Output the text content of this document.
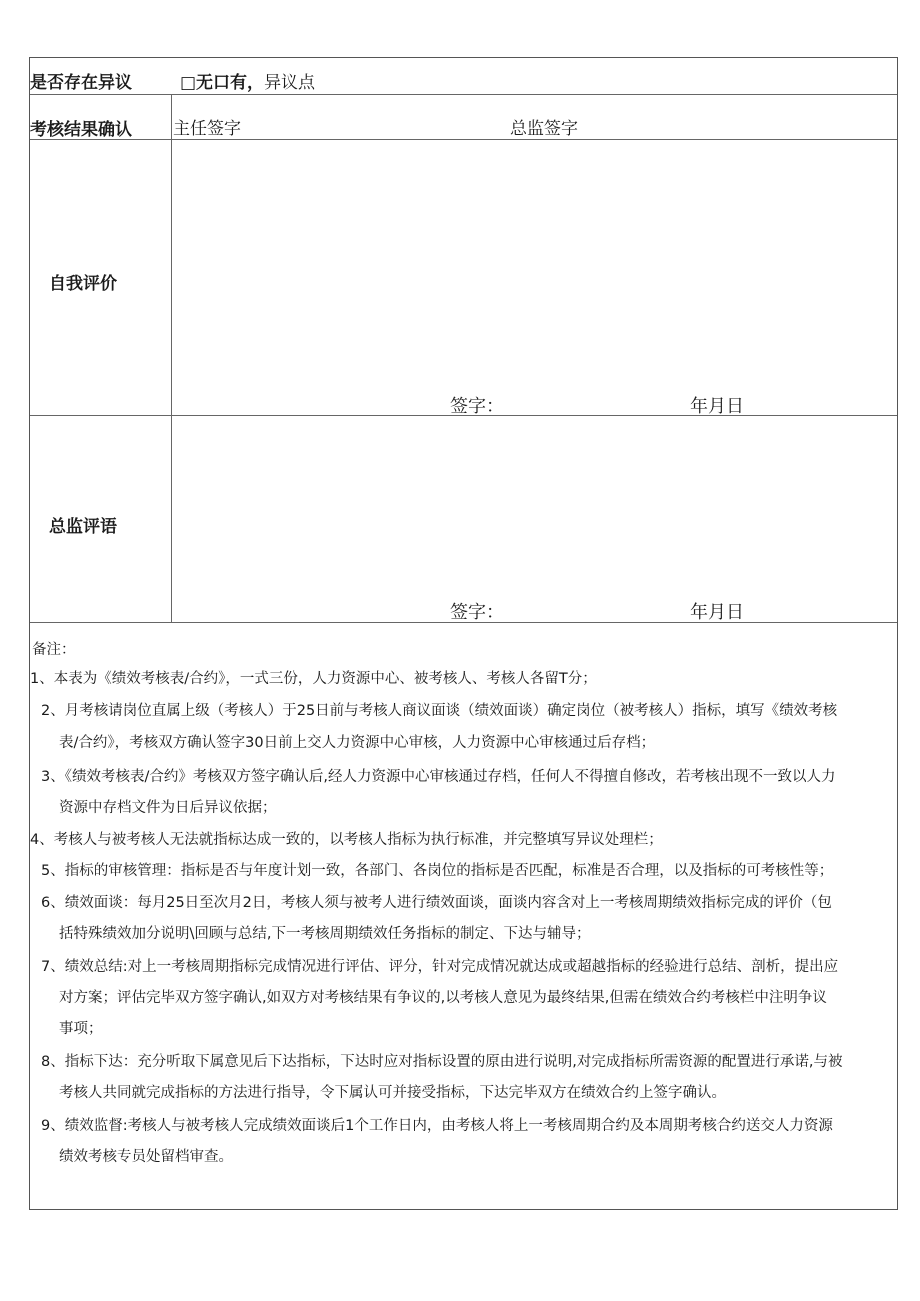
是否存在异议	□无口有，异议点
考核结果确认 主任签字	总监签字
自我评价
签字：	年月日
总监评语
签字：	年月日
备注：
1、本表为《绩效考核表/合约》，一式三份，人力资源中心、被考核人、考核人各留T分；
2、月考核请岗位直属上级（考核人）于25日前与考核人商议面谈（绩效面谈）确定岗位（被考核人）指标，填写《绩效考核
表/合约》，考核双方确认签字30日前上交人力资源中心审核，人力资源中心审核通过后存档；
3、《绩效考核表/合约》考核双方签字确认后,经人力资源中心审核通过存档，任何人不得擅自修改，若考核出现不一致以人力
资源中存档文件为日后异议依据；
4、考核人与被考核人无法就指标达成一致的，以考核人指标为执行标准，并完整填写异议处理栏；
5、指标的审核管理：指标是否与年度计划一致，各部门、各岗位的指标是否匹配，标准是否合理，以及指标的可考核性等；
6、绩效面谈：每月25日至次月2日，考核人须与被考人进行绩效面谈，面谈内容含对上一考核周期绩效指标完成的评价（包
括特殊绩效加分说明\回顾与总结,下一考核周期绩效任务指标的制定、下达与辅导；
7、绩效总结:对上一考核周期指标完成情况进行评估、评分，针对完成情况就达成或超越指标的经验进行总结、剖析，提出应
对方案；评估完毕双方签字确认,如双方对考核结果有争议的,以考核人意见为最终结果,但需在绩效合约考核栏中注明争议
事项；
8、指标下达：充分听取下属意见后下达指标，下达时应对指标设置的原由进行说明,对完成指标所需资源的配置进行承诺,与被
考核人共同就完成指标的方法进行指导，令下属认可并接受指标，下达完毕双方在绩效合约上签字确认。
9、绩效监督:考核人与被考核人完成绩效面谈后1个工作日内，由考核人将上一考核周期合约及本周期考核合约送交人力资源
绩效考核专员处留档审查。
